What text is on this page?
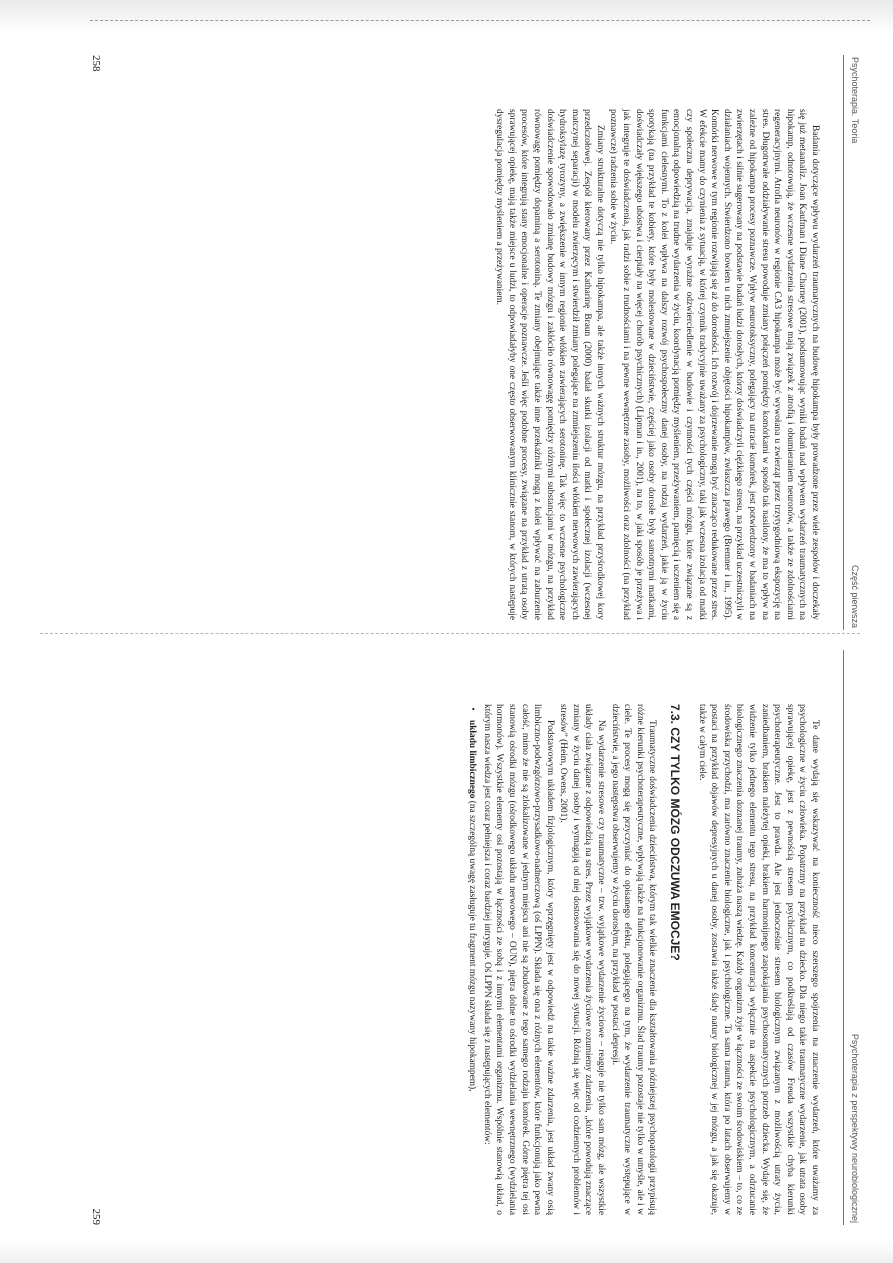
Psychoterapia. Teoria
Część pierwsza

Badania dotyczące wpływu wydarzeń traumatycznych na budowę hipokampa były prowadzone przez wiele zespołów i doczekały się już metaanaliz. Joan Kaufman i Diane Charney (2001), podsumowując wyniki badań nad wpływem wydarzeń traumatycznych na hipokamp, odnotowują, że wczesne wydarzenia stresowe mają związek z atrofią i obumieraniem neuronów, a także ze zdolnościami regeneracyjnymi. Atrofia neuronów w regionie CA3 hipokampa może być wywołana u zwierząt przez trzytygodniową ekspozycję na stres. Długotrwałe oddziaływanie stresu powoduje zmiany połączeń pomiędzy komórkami w sposób tak nasilony, że ma to wpływ na zależne od hipokampa procesy poznawcze. Wpływ neurotoksyczny, polegający na utracie komórek, jest potwierdzony w badaniach na zwierzętach i silnie sugerowany na podstawie badań ludzi dorosłych, którzy doświadczyli ciężkiego stresu, na przykład uczestniczyli w działaniach wojennych. Stwierdzono bowiem u nich zmniejszenie objętości hipokampów, zwłaszcza prawego (Bremner i in., 1995). Komórki nerwowe w tym regionie rozwijają się aż do dorosłości. Ich rozwój i dojrzewanie mogą być znacząco redukowane przez stres. W efekcie mamy do czynienia z sytuacją, w której czynnik tradycyjnie uważany za psychologiczny, taki jak wczesna izolacja od matki czy społeczna deprywacja, znajduje wyraźne odzwierciedlenie w budowie i czynności tych części mózgu, które związane są z emocjonalną odpowiedzią na trudne wydarzenia w życiu, koordynacją pomiędzy myśleniem, przeżywaniem, pamięcią i uczeniem się a funkcjami cielesnymi. To z kolei wpływa na dalszy rozwój psychospołeczny danej osoby, na rodzaj wydarzeń, jakie ją w życiu spotykają (na przykład te kobiety, które były molestowane w dzieciństwie, częściej jako osoby dorosłe były samotnymi matkami, doświadczały większego ubóstwa i cierpiały na więcej chorób psychicznych) (Lipman i in., 2001), na to, w jaki sposób je przeżywa i jak integruje te doświadczenia, jak radzi sobie z trudnościami i na pewne wewnętrzne zasoby, możliwości oraz zdolności (na przykład poznawcze) radzenia sobie w życiu.

Zmiany strukturalne dotyczą nie tylko hipokampa, ale także innych ważnych struktur mózgu, na przykład przyśrodkowej kory przedczołowej. Zespół kierowany przez Katharinę Braun (2000) badał skutki izolacji od matki i społecznej izolacji (wczesnej matczynej separacji) w modelu zwierzęcym i stwierdził zmiany polegające na zmniejszeniu ilości włókien nerwowych zawierających hydroksylazę tyrozyny, a zwiększenie w innym regionie włókien zawierających serotoninę. Tak więc to wczesne psychologiczne doświadczenie spowodowało zmianę budowy mózgu i zakłóciło równowagę pomiędzy różnymi substancjami w mózgu, na przykład równowagę pomiędzy dopaminą a serotoniną. Te zmiany obejmujące także inne przekaźniki mogą z kolei wpływać na zaburzenie procesów, które integrują stany emocjonalne i operacje poznawcze. Jeśli więc podobne procesy, związane na przykład z utratą osoby sprawującej opiekę, mają także miejsce u ludzi, to odpowiadałyby one często obserwowanym klinicznie stanom, w których następuje dysregulacja pomiędzy myśleniem a przeżywaniem.

258
Psychoterapia z perspektywy neurobiologicznej

Te dane wydają się wskazywać na konieczność nieco szerszego spojrzenia na znaczenie wydarzeń, które uważamy za psychologiczne w życiu człowieka. Popatrzmy na przykład na dziecko. Dla niego takie traumatyczne wydarzenie, jak utrata osoby sprawującej opiekę, jest z pewnością stresem psychicznym, co podkreślają od czasów Freuda wszystkie chyba kierunki psychoterapeutyczne. Jest to prawda. Ale jest jednocześnie stresem biologicznym związanym z możliwością utraty życia, zaniedbaniem, brakiem należytej opieki, brakiem harmonijnego zaspokajania psychosomatycznych potrzeb dziecka. Wydaje się, że widzenie tylko jednego elementu tego stresu, na przykład koncentracja wyłącznie na aspekcie psychologicznym, a odrzucanie biologicznego znaczenia doznanej traumy, zubaża naszą wiedzę. Każdy organizm żyje w łączności ze swoim środowiskiem – to, co ze środowiska przychodzi, ma zarówno znaczenie biologiczne, jak i psychologiczne. Ta sama trauma, która po latach obserwujemy w postaci na przykład objawów depresyjnych u danej osoby, zostawia także ślady natury biologicznej w jej mózgu, a jak się okazuje, także w całym ciele.

7.3. CZY TYLKO MÓZG ODCZUWA EMOCJE?

Traumatyczne doświadczenia dzieciństwa, którym tak wielkie znaczenie dla kształtowania późniejszej psychopatologii przypisują różne kierunki psychoterapeutyczne, wpływają także na funkcjonowanie organizmu. Ślad traumy pozostaje nie tylko w umyśle, ale i w ciele. Te procesy mogą się przyczyniać do opisanego efektu, polegającego na tym, że wydarzenie traumatyczne występujące w dzieciństwie, a jego następstwa obserwujemy w życiu dorosłym, na przykład w postaci depresji.

Na wydarzenie stresowe czy traumatyczne – tzw. wyjątkowe wydarzenie życiowe – reaguje nie tylko sam mózg, ale wszystkie układy ciała związane z odpowiedzią na stres. Przez wyjątkowe wydarzenia życiowe rozumiemy zdarzenia, „które powodują znaczące zmiany w życiu danej osoby i wymagają od niej dostosowania się do nowej sytuacji. Różnią się więc od codziennych problemów i stresów” (Heim, Owens, 2001).

Podstawowym układem fizjologicznym, który wprzęgnięty jest w odpowiedź na takie ważne zdarzenia, jest układ zwany osią limbiczno-podwzgórzowo-przysadkowo-nadnerczową (oś LPPN). Składa się ona z różnych elementów, które funkcjonują jako pewna całość, mimo że nie są zlokalizowane w jednym miejscu ani nie są zbudowane z tego samego rodzaju komórek. Górne piętra tej osi stanowią ośrodki mózgu (ośrodkowego układu nerwowego – OUN), piętra dolne to ośrodki wydzielania wewnętrznego (wydzielania hormonów). Wszystkie elementy osi pozostają w łączności ze sobą i z innymi elementami organizmu. Wspólnie stanowią układ, o którym nasza wiedza jest coraz pełniejsza i coraz bardziej intryguje. Oś LPPN składa się z następujących elementów:

•
układu limbicznego (na szczególną uwagę zasługuje tu fragment mózgu nazywany hipokampem),
259
